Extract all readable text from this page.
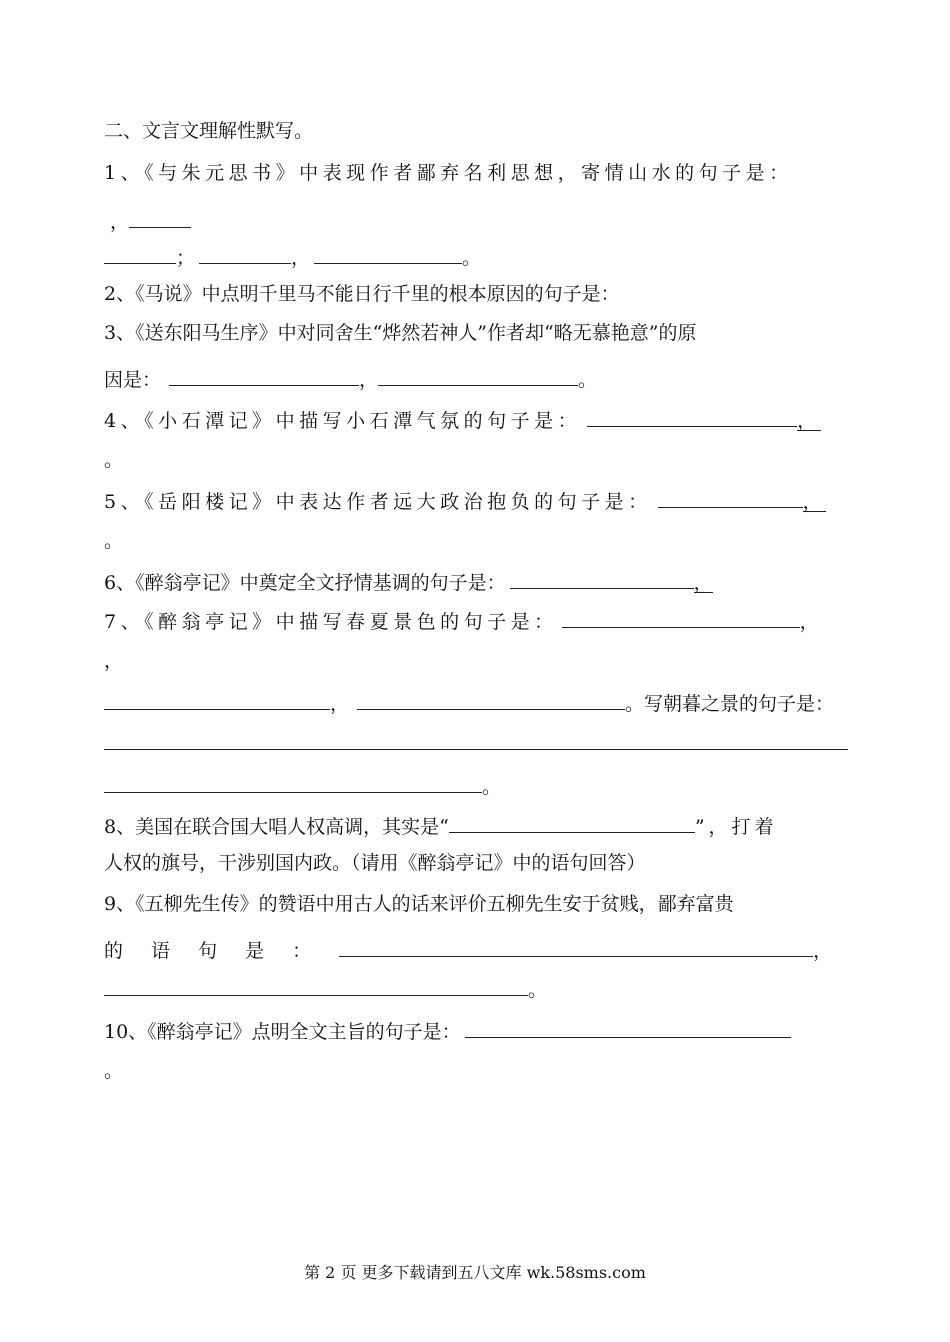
二、文言文理解性默写。
1、《与朱元思书》中表现作者鄙弃名利思想，寄情山水的句子是：
，
；	，	。
2、《马说》中点明千里马不能日行千里的根本原因的句子是：
3、《送东阳马生序》中对同舍生“烨然若神人”作者却“略无慕艳意”的原
因是：	，	。
4、《小石潭记》中描写小石潭气氛的句子是：	，
。
5、《岳阳楼记》中表达作者远大政治抱负的句子是：	，
。
6、《醉翁亭记》中奠定全文抒情基调的句子是：	，
7、《醉翁亭记》中描写春夏景色的句子是：	，
，
，	。写朝暮之景的句子是：
。
8、美国在联合国大唱人权高调，其实是“	”，打着
人权的旗号，干涉别国内政。（请用《醉翁亭记》中的语句回答）
9、《五柳先生传》的赞语中用古人的话来评价五柳先生安于贫贱，鄙弃富贵
的 语 句 是 ：	，
。
10、《醉翁亭记》点明全文主旨的句子是：
。
第 2 页 更多下载请到五八文库 wk.58sms.com
